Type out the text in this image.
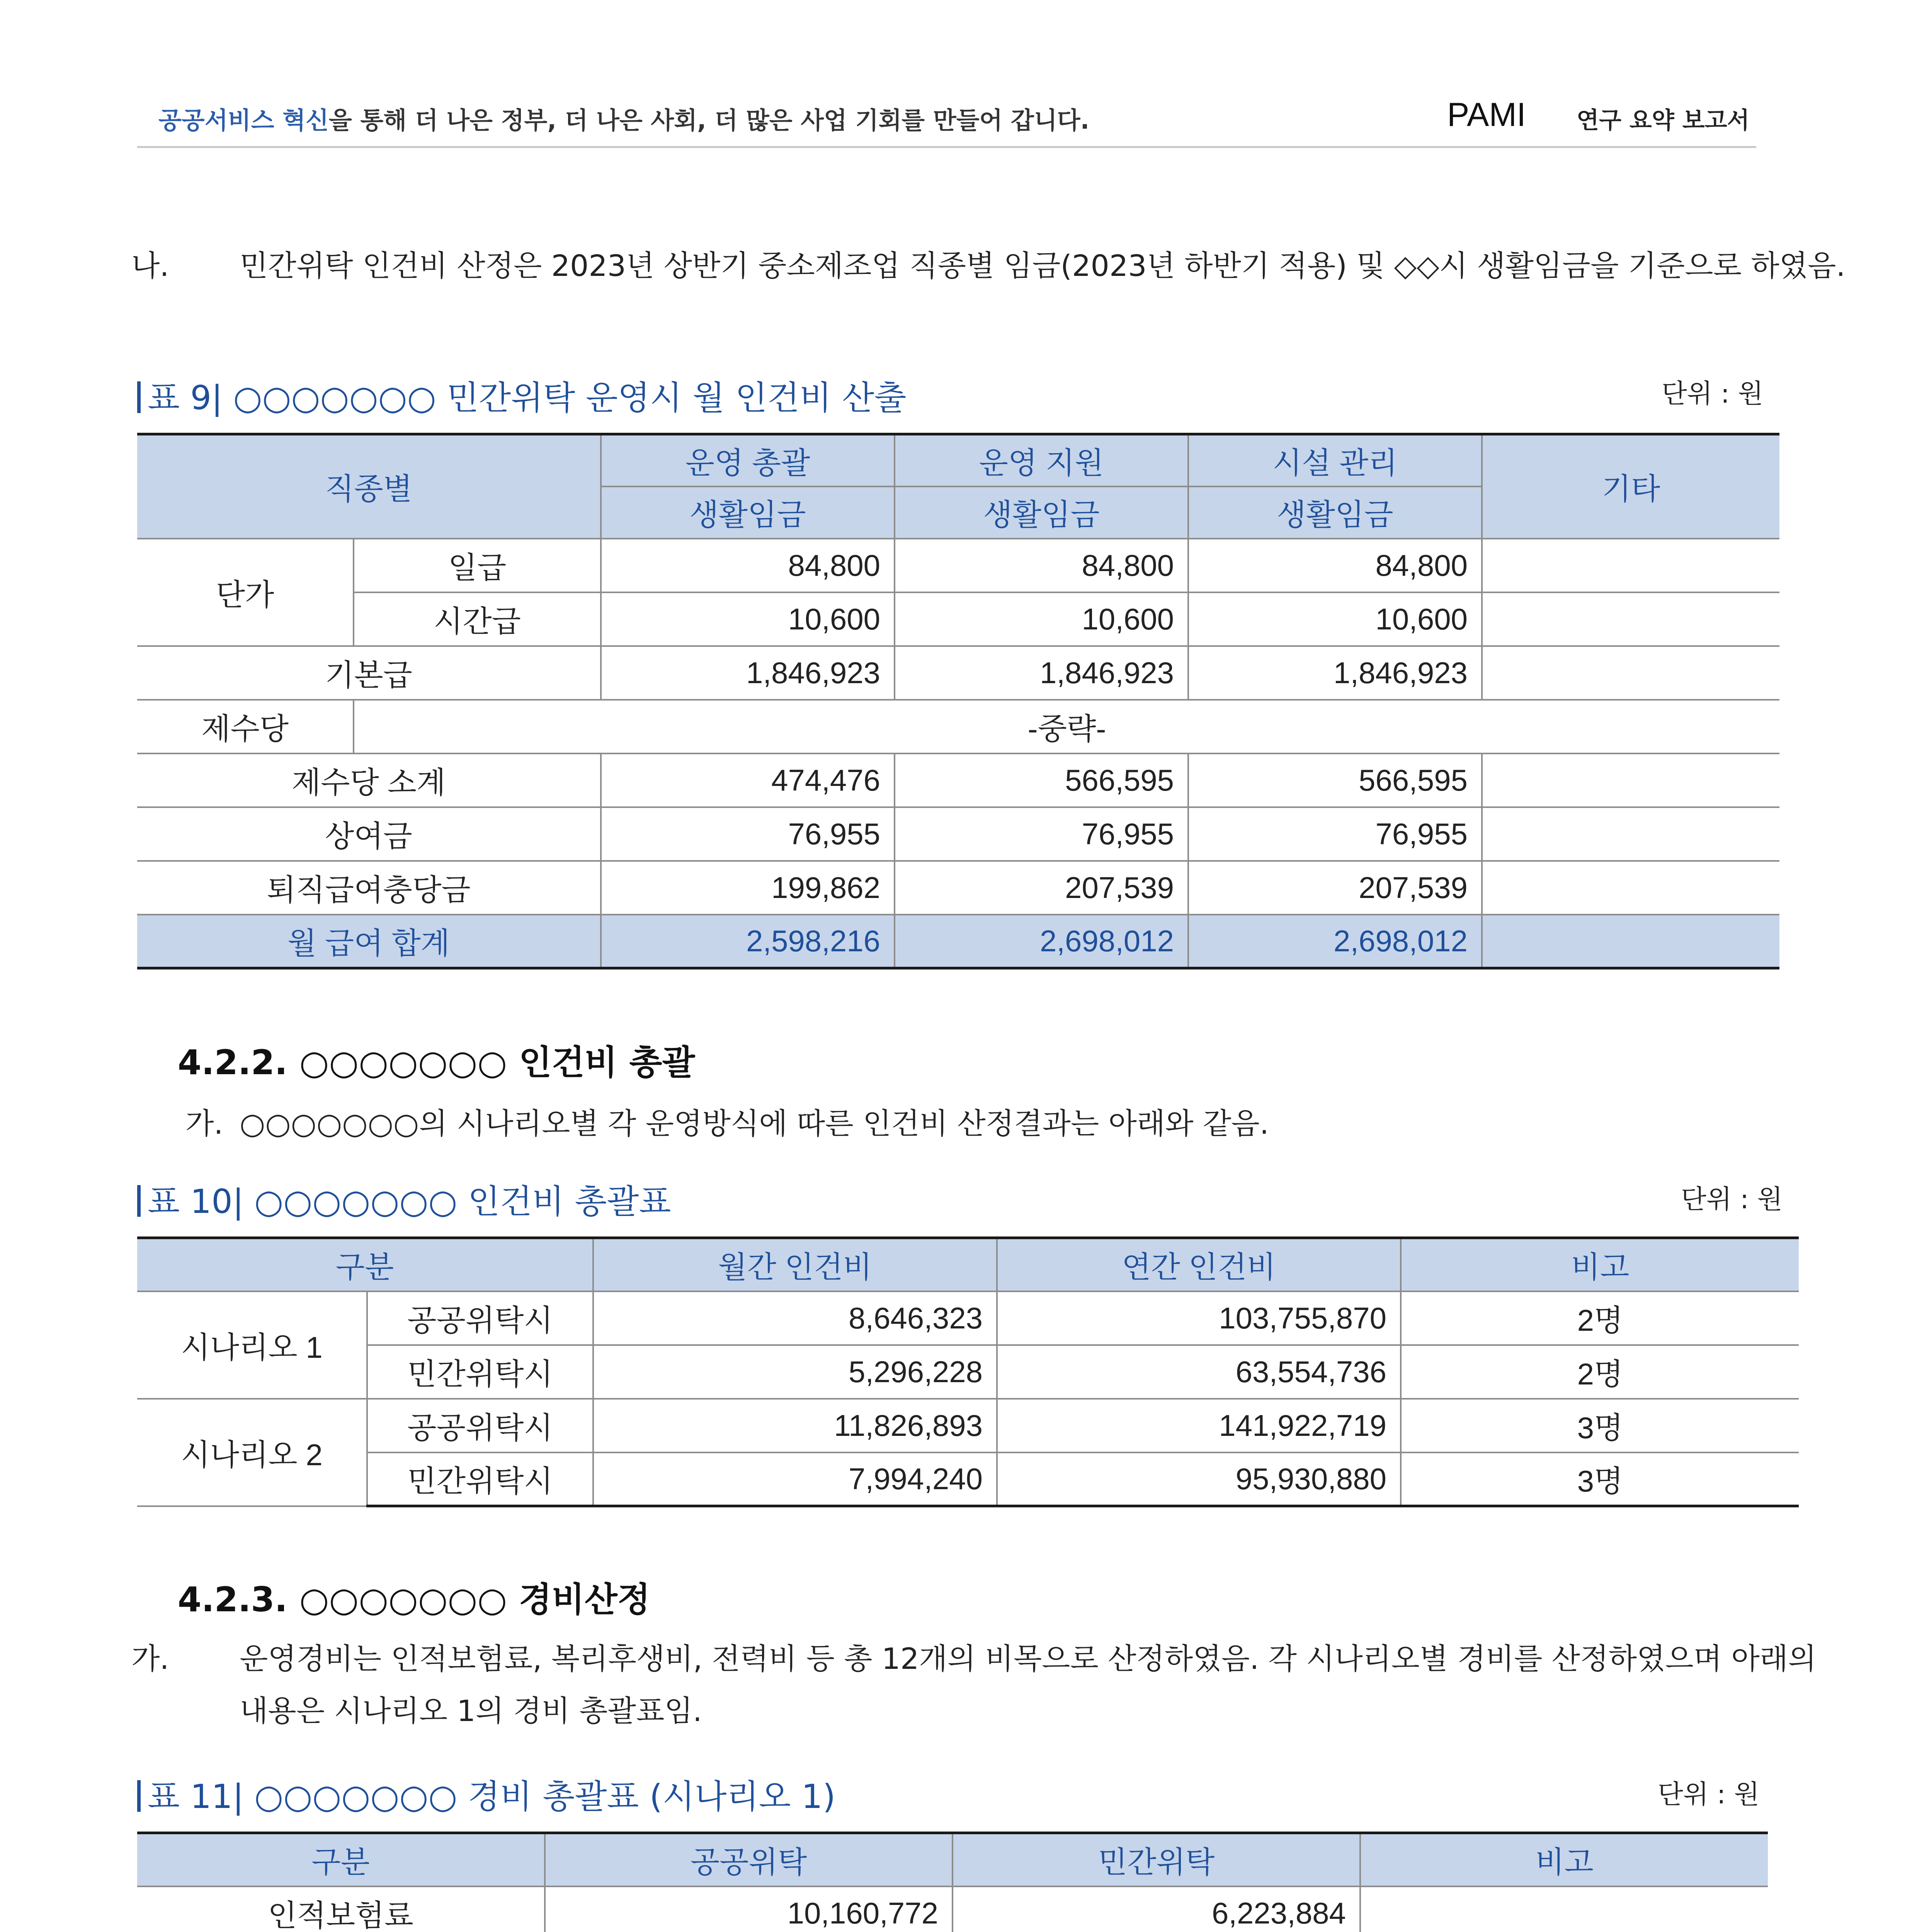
공공서비스 혁신을 통해 더 나은 정부, 더 나은 사회, 더 많은 사업 기회를 만들어 갑니다.	PAMI 연구 요약 보고서
나. 민간위탁 인건비 산정은 2023년 상반기 중소제조업 직종별 임금(2023년 하반기 적용) 및 ◇◇시 생활임금을 기준으로 하였음.
표 9| ○○○○○○○ 민간위탁 운영시 월 인건비 산출	단위 : 원
직종별		운영 총괄	운영 지원	시설 관리	기타
		생활임금	생활임금	생활임금	
단가	일급	84,800	84,800	84,800	
	시간급	10,600	10,600	10,600	
기본급		1,846,923	1,846,923	1,846,923	
제수당	-중략-				
제수당 소계		474,476	566,595	566,595	
상여금		76,955	76,955	76,955	
퇴직급여충당금		199,862	207,539	207,539	
월 급여 합계		2,598,216	2,698,012	2,698,012	
4.2.2. ○○○○○○○ 인건비 총괄
가. ○○○○○○○의 시나리오별 각 운영방식에 따른 인건비 산정결과는 아래와 같음.
표 10| ○○○○○○○ 인건비 총괄표	단위 : 원
구분		월간 인건비	연간 인건비	비고
시나리오 1	공공위탁시	8,646,323	103,755,870	2명
	민간위탁시	5,296,228	63,554,736	2명
시나리오 2	공공위탁시	11,826,893	141,922,719	3명
	민간위탁시	7,994,240	95,930,880	3명
4.2.3. ○○○○○○○ 경비산정
가. 운영경비는 인적보험료, 복리후생비, 전력비 등 총 12개의 비목으로 산정하였음. 각 시나리오별 경비를 산정하였으며 아래의 내용은 시나리오 1의 경비 총괄표임.
표 11| ○○○○○○○ 경비 총괄표 (시나리오 1)	단위 : 원
구분	공공위탁	민간위탁	비고
인적보험료	10,160,772	6,223,884	
